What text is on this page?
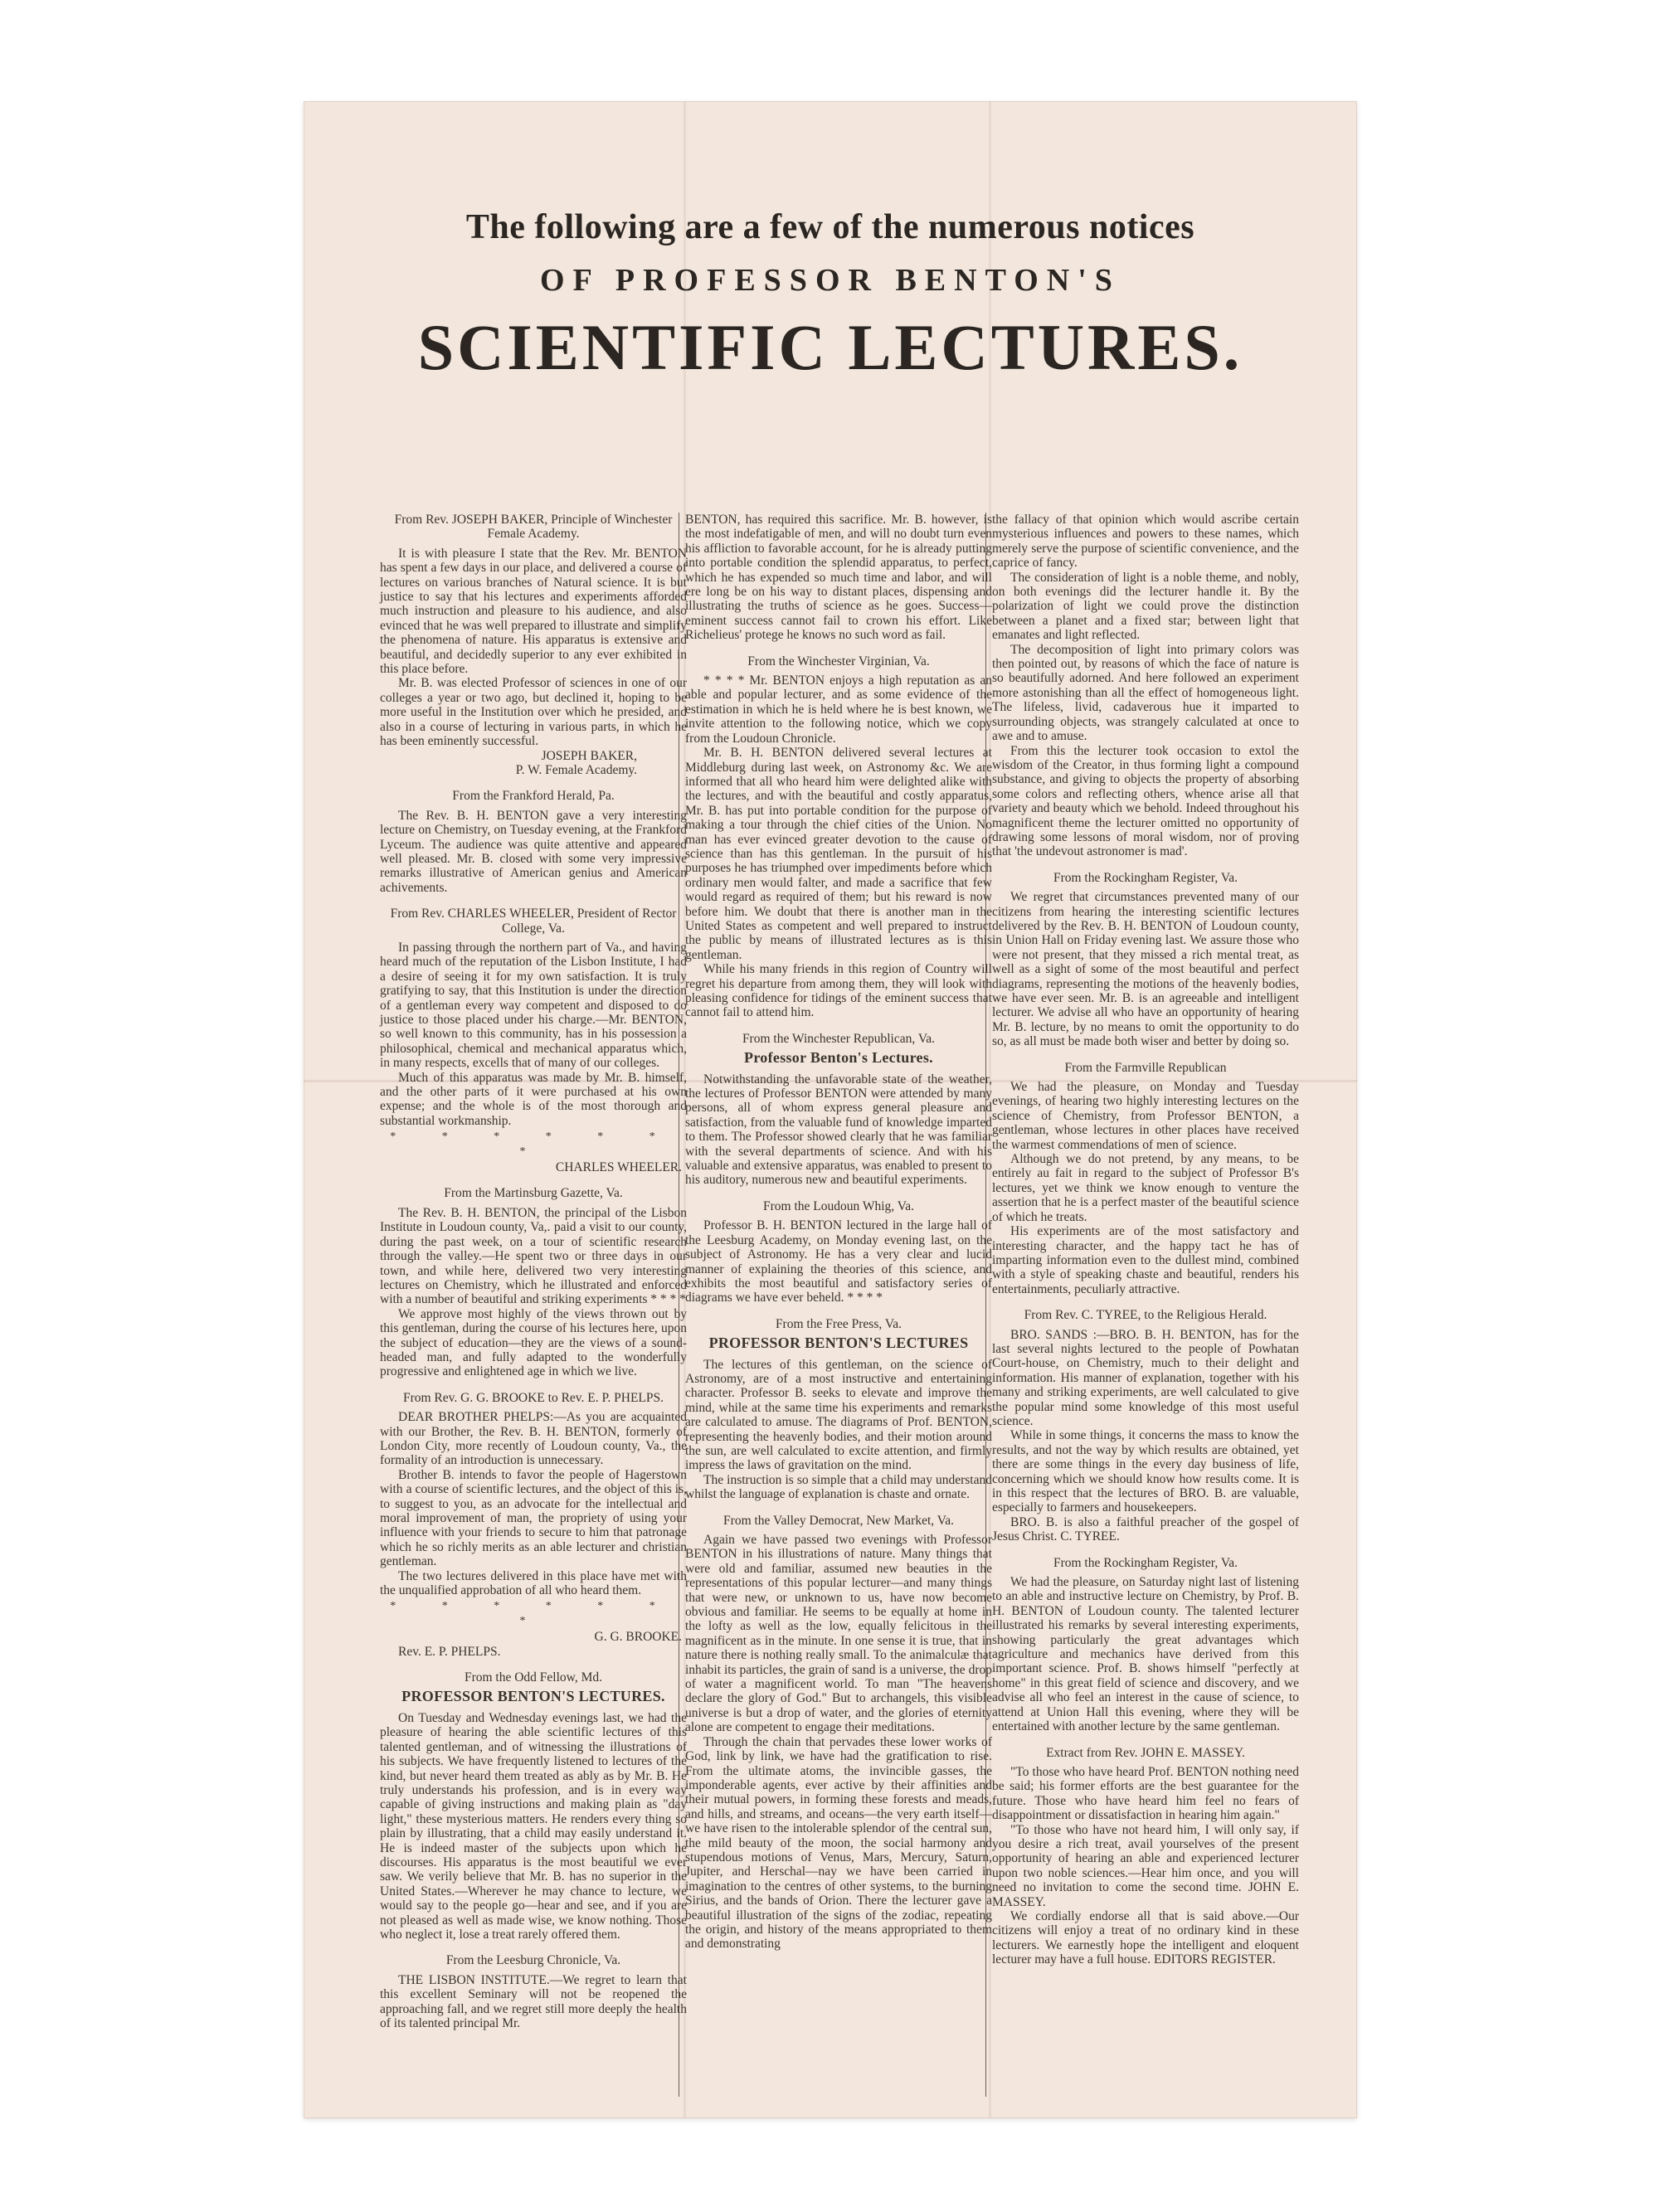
The following are a few of the numerous notices
OF PROFESSOR BENTON'S
SCIENTIFIC LECTURES.
From Rev. JOSEPH BAKER, Principle of Winchester Female Academy.

It is with pleasure I state that the Rev. Mr. BENTON has spent a few days in our place, and delivered a course of lectures on various branches of Natural science. It is but justice to say that his lectures and experiments afforded much instruction and pleasure to his audience, and also evinced that he was well prepared to illustrate and simplify the phenomena of nature. His apparatus is extensive and beautiful, and decidedly superior to any ever exhibited in this place before.

Mr. B. was elected Professor of sciences in one of our colleges a year or two ago, but declined it, hoping to be more useful in the Institution over which he presided, and also in a course of lecturing in various parts, in which he has been eminently successful.

JOSEPH BAKER,
P. W. Female Academy.
From the Frankford Herald, Pa.

The Rev. B. H. BENTON gave a very interesting lecture on Chemistry, on Tuesday evening, at the Frankford Lyceum. The audience was quite attentive and appeared well pleased. Mr. B. closed with some very impressive remarks illustrative of American genius and American achivements.

From Rev. CHARLES WHEELER, President of Rector College, Va.

In passing through the northern part of Va., and having heard much of the reputation of the Lisbon Institute, I had a desire of seeing it for my own satisfaction. It is truly gratifying to say, that this Institution is under the direction of a gentleman every way competent and disposed to do justice to those placed under his charge.—Mr. BENTON, so well known to this community, has in his possession a philosophical, chemical and mechanical apparatus which, in many respects, excells that of many of our colleges.

Much of this apparatus was made by Mr. B. himself, and the other parts of it were purchased at his own expense; and the whole is of the most thorough and substantial workmanship.

* * * * * * *
CHARLES WHEELER.
From the Martinsburg Gazette, Va.

The Rev. B. H. BENTON, the principal of the Lisbon Institute in Loudoun county, Va,. paid a visit to our county, during the past week, on a tour of scientific research through the valley.—He spent two or three days in our town, and while here, delivered two very interesting lectures on Chemistry, which he illustrated and enforced with a number of beautiful and striking experiments * * * *

We approve most highly of the views thrown out by this gentleman, during the course of his lectures here, upon the subject of education—they are the views of a sound-headed man, and fully adapted to the wonderfully progressive and enlightened age in which we live.

From Rev. G. G. BROOKE to Rev. E. P. PHELPS.

DEAR BROTHER PHELPS:—As you are acquainted with our Brother, the Rev. B. H. BENTON, formerly of London City, more recently of Loudoun county, Va., the formality of an introduction is unnecessary.

Brother B. intends to favor the people of Hagerstown with a course of scientific lectures, and the object of this is, to suggest to you, as an advocate for the intellectual and moral improvement of man, the propriety of using your influence with your friends to secure to him that patronage which he so richly merits as an able lecturer and christian gentleman.

The two lectures delivered in this place have met with the unqualified approbation of all who heard them.

* * * * * * *
G. G. BROOKE.
Rev. E. P. PHELPS.
From the Odd Fellow, Md.
PROFESSOR BENTON'S LECTURES.

On Tuesday and Wednesday evenings last, we had the pleasure of hearing the able scientific lectures of this talented gentleman, and of witnessing the illustrations of his subjects. We have frequently listened to lectures of the kind, but never heard them treated as ably as by Mr. B. He truly understands his profession, and is in every way capable of giving instructions and making plain as "day light," these mysterious matters. He renders every thing so plain by illustrating, that a child may easily understand it. He is indeed master of the subjects upon which he discourses. His apparatus is the most beautiful we ever saw. We verily believe that Mr. B. has no superior in the United States.—Wherever he may chance to lecture, we would say to the people go—hear and see, and if you are not pleased as well as made wise, we know nothing. Those who neglect it, lose a treat rarely offered them.

From the Leesburg Chronicle, Va.

THE LISBON INSTITUTE.—We regret to learn that this excellent Seminary will not be reopened the approaching fall, and we regret still more deeply the health of its talented principal Mr.

BENTON, has required this sacrifice. Mr. B. however, is the most indefatigable of men, and will no doubt turn even his affliction to favorable account, for he is already putting into portable condition the splendid apparatus, to perfect, which he has expended so much time and labor, and will ere long be on his way to distant places, dispensing and illustrating the truths of science as he goes. Success—eminent success cannot fail to crown his effort. Like Richelieus' protege he knows no such word as fail.

From the Winchester Virginian, Va.

* * * * Mr. BENTON enjoys a high reputation as an able and popular lecturer, and as some evidence of the estimation in which he is held where he is best known, we invite attention to the following notice, which we copy from the Loudoun Chronicle.

Mr. B. H. BENTON delivered several lectures at Middleburg during last week, on Astronomy &c. We are informed that all who heard him were delighted alike with the lectures, and with the beautiful and costly apparatus, Mr. B. has put into portable condition for the purpose of making a tour through the chief cities of the Union. No man has ever evinced greater devotion to the cause of science than has this gentleman. In the pursuit of his purposes he has triumphed over impediments before which ordinary men would falter, and made a sacrifice that few would regard as required of them; but his reward is now before him. We doubt that there is another man in the United States as competent and well prepared to instruct the public by means of illustrated lectures as is this gentleman.

While his many friends in this region of Country will regret his departure from among them, they will look with pleasing confidence for tidings of the eminent success that cannot fail to attend him.

From the Winchester Republican, Va.
Professor Benton's Lectures.

Notwithstanding the unfavorable state of the weather, the lectures of Professor BENTON were attended by many persons, all of whom express general pleasure and satisfaction, from the valuable fund of knowledge imparted to them. The Professor showed clearly that he was familiar with the several departments of science. And with his valuable and extensive apparatus, was enabled to present to his auditory, numerous new and beautiful experiments.

From the Loudoun Whig, Va.

Professor B. H. BENTON lectured in the large hall of the Leesburg Academy, on Monday evening last, on the subject of Astronomy. He has a very clear and lucid manner of explaining the theories of this science, and exhibits the most beautiful and satisfactory series of diagrams we have ever beheld. * * * *

From the Free Press, Va.
PROFESSOR BENTON'S LECTURES

The lectures of this gentleman, on the science of Astronomy, are of a most instructive and entertaining character. Professor B. seeks to elevate and improve the mind, while at the same time his experiments and remarks are calculated to amuse. The diagrams of Prof. BENTON, representing the heavenly bodies, and their motion around the sun, are well calculated to excite attention, and firmly impress the laws of gravitation on the mind.

The instruction is so simple that a child may understand whilst the language of explanation is chaste and ornate.

From the Valley Democrat, New Market, Va.

Again we have passed two evenings with Professor BENTON in his illustrations of nature. Many things that were old and familiar, assumed new beauties in the representations of this popular lecturer—and many things that were new, or unknown to us, have now become obvious and familiar. He seems to be equally at home in the lofty as well as the low, equally felicitous in the magnificent as in the minute. In one sense it is true, that in nature there is nothing really small. To the animalculæ that inhabit its particles, the grain of sand is a universe, the drop of water a magnificent world. To man "The heavens declare the glory of God." But to archangels, this visible universe is but a drop of water, and the glories of eternity alone are competent to engage their meditations.

Through the chain that pervades these lower works of God, link by link, we have had the gratification to rise. From the ultimate atoms, the invincible gasses, the imponderable agents, ever active by their affinities and their mutual powers, in forming these forests and meads, and hills, and streams, and oceans—the very earth itself—we have risen to the intolerable splendor of the central sun, the mild beauty of the moon, the social harmony and stupendous motions of Venus, Mars, Mercury, Saturn, Jupiter, and Herschal—nay we have been carried in imagination to the centres of other systems, to the burning Sirius, and the bands of Orion. There the lecturer gave a beautiful illustration of the signs of the zodiac, repeating the origin, and history of the means appropriated to them and demonstrating

the fallacy of that opinion which would ascribe certain mysterious influences and powers to these names, which merely serve the purpose of scientific convenience, and the caprice of fancy.

The consideration of light is a noble theme, and nobly, on both evenings did the lecturer handle it. By the polarization of light we could prove the distinction between a planet and a fixed star; between light that emanates and light reflected.

The decomposition of light into primary colors was then pointed out, by reasons of which the face of nature is so beautifully adorned. And here followed an experiment more astonishing than all the effect of homogeneous light. The lifeless, livid, cadaverous hue it imparted to surrounding objects, was strangely calculated at once to awe and to amuse.

From this the lecturer took occasion to extol the wisdom of the Creator, in thus forming light a compound substance, and giving to objects the property of absorbing some colors and reflecting others, whence arise all that variety and beauty which we behold. Indeed throughout his magnificent theme the lecturer omitted no opportunity of drawing some lessons of moral wisdom, nor of proving that 'the undevout astronomer is mad'.

From the Rockingham Register, Va.

We regret that circumstances prevented many of our citizens from hearing the interesting scientific lectures delivered by the Rev. B. H. BENTON of Loudoun county, in Union Hall on Friday evening last. We assure those who were not present, that they missed a rich mental treat, as well as a sight of some of the most beautiful and perfect diagrams, representing the motions of the heavenly bodies, we have ever seen. Mr. B. is an agreeable and intelligent lecturer. We advise all who have an opportunity of hearing Mr. B. lecture, by no means to omit the opportunity to do so, as all must be made both wiser and better by doing so.

From the Farmville Republican

We had the pleasure, on Monday and Tuesday evenings, of hearing two highly interesting lectures on the science of Chemistry, from Professor BENTON, a gentleman, whose lectures in other places have received the warmest commendations of men of science.

Although we do not pretend, by any means, to be entirely au fait in regard to the subject of Professor B's lectures, yet we think we know enough to venture the assertion that he is a perfect master of the beautiful science of which he treats.

His experiments are of the most satisfactory and interesting character, and the happy tact he has of imparting information even to the dullest mind, combined with a style of speaking chaste and beautiful, renders his entertainments, peculiarly attractive.

From Rev. C. TYREE, to the Religious Herald.

BRO. SANDS :—BRO. B. H. BENTON, has for the last several nights lectured to the people of Powhatan Court-house, on Chemistry, much to their delight and information. His manner of explanation, together with his many and striking experiments, are well calculated to give the popular mind some knowledge of this most useful science.

While in some things, it concerns the mass to know the results, and not the way by which results are obtained, yet there are some things in the every day business of life, concerning which we should know how results come. It is in this respect that the lectures of BRO. B. are valuable, especially to farmers and housekeepers.

BRO. B. is also a faithful preacher of the gospel of Jesus Christ. C. TYREE.

From the Rockingham Register, Va.

We had the pleasure, on Saturday night last of listening to an able and instructive lecture on Chemistry, by Prof. B. H. BENTON of Loudoun county. The talented lecturer illustrated his remarks by several interesting experiments, showing particularly the great advantages which agriculture and mechanics have derived from this important science. Prof. B. shows himself "perfectly at home" in this great field of science and discovery, and we advise all who feel an interest in the cause of science, to attend at Union Hall this evening, where they will be entertained with another lecture by the same gentleman.

Extract from Rev. JOHN E. MASSEY.

"To those who have heard Prof. BENTON nothing need be said; his former efforts are the best guarantee for the future. Those who have heard him feel no fears of disappointment or dissatisfaction in hearing him again."

"To those who have not heard him, I will only say, if you desire a rich treat, avail yourselves of the present opportunity of hearing an able and experienced lecturer upon two noble sciences.—Hear him once, and you will need no invitation to come the second time. JOHN E. MASSEY.

We cordially endorse all that is said above.—Our citizens will enjoy a treat of no ordinary kind in these lecturers. We earnestly hope the intelligent and eloquent lecturer may have a full house. EDITORS REGISTER.
